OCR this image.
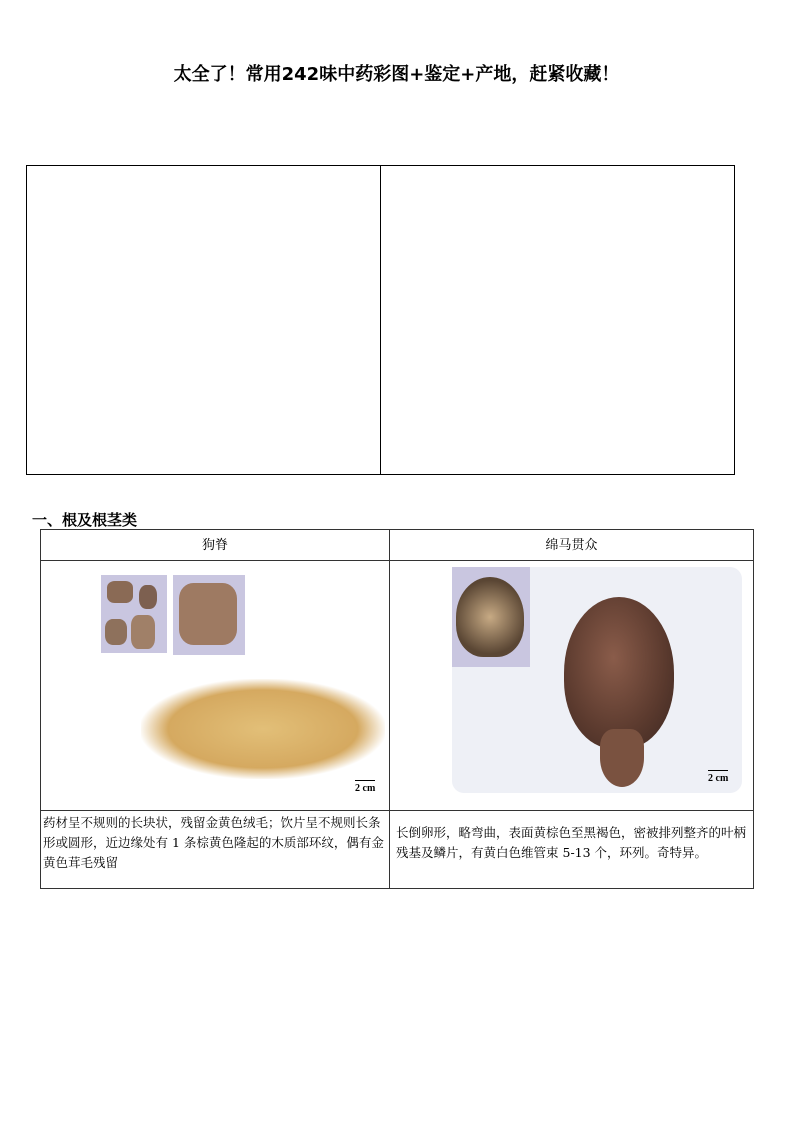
太全了！常用242味中药彩图+鉴定+产地，赶紧收藏！
一、根及根茎类
狗脊
2 cm
药材呈不规则的长块状，残留金黄色绒毛；饮片呈不规则长条形或圆形，近边缘处有 1 条棕黄色隆起的木质部环纹，偶有金黄色茸毛残留
绵马贯众
2 cm
长倒卵形，略弯曲，表面黄棕色至黑褐色，密被排列整齐的叶柄残基及鳞片，有黄白色维管束 5-13 个，环列。奇特异。
